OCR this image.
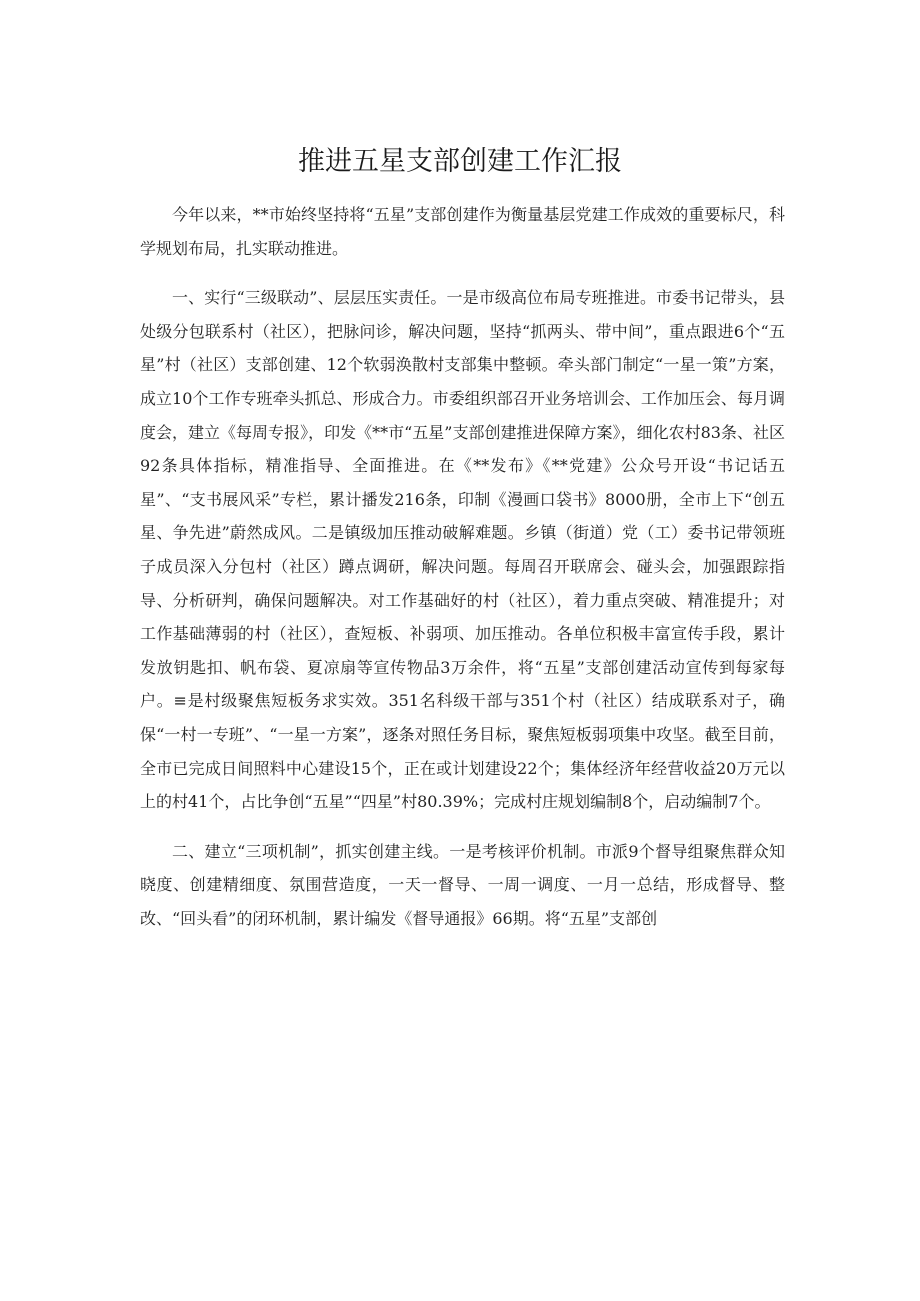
推进五星支部创建工作汇报

今年以来，**市始终坚持将“五星”支部创建作为衡量基层党建工作成效的重要标尺，科学规划布局，扎实联动推进。

一、实行“三级联动”、层层压实责任。一是市级高位布局专班推进。市委书记带头，县处级分包联系村（社区），把脉问诊，解决问题，坚持“抓两头、带中间”，重点跟进6个“五星”村（社区）支部创建、12个软弱涣散村支部集中整顿。牵头部门制定“一星一策”方案，成立10个工作专班牵头抓总、形成合力。市委组织部召开业务培训会、工作加压会、每月调度会，建立《每周专报》，印发《**市“五星”支部创建推进保障方案》，细化农村83条、社区92条具体指标，精准指导、全面推进。在《**发布》《**党建》公众号开设“书记话五星”、“支书展风采”专栏，累计播发216条，印制《漫画口袋书》8000册，全市上下“创五星、争先进”蔚然成风。二是镇级加压推动破解难题。乡镇（街道）党（工）委书记带领班子成员深入分包村（社区）蹲点调研，解决问题。每周召开联席会、碰头会，加强跟踪指导、分析研判，确保问题解决。对工作基础好的村（社区），着力重点突破、精准提升；对工作基础薄弱的村（社区），查短板、补弱项、加压推动。各单位积极丰富宣传手段，累计发放钥匙扣、帆布袋、夏凉扇等宣传物品3万余件，将“五星”支部创建活动宣传到每家每户。≡是村级聚焦短板务求实效。351名科级干部与351个村（社区）结成联系对子，确保“一村一专班”、“一星一方案”，逐条对照任务目标，聚焦短板弱项集中攻坚。截至目前，全市已完成日间照料中心建设15个，正在或计划建设22个；集体经济年经营收益20万元以上的村41个，占比争创“五星”“四星”村80.39%；完成村庄规划编制8个，启动编制7个。

二、建立“三项机制”，抓实创建主线。一是考核评价机制。市派9个督导组聚焦群众知晓度、创建精细度、氛围营造度，一天一督导、一周一调度、一月一总结，形成督导、整改、“回头看”的闭环机制，累计编发《督导通报》66期。将“五星”支部创
